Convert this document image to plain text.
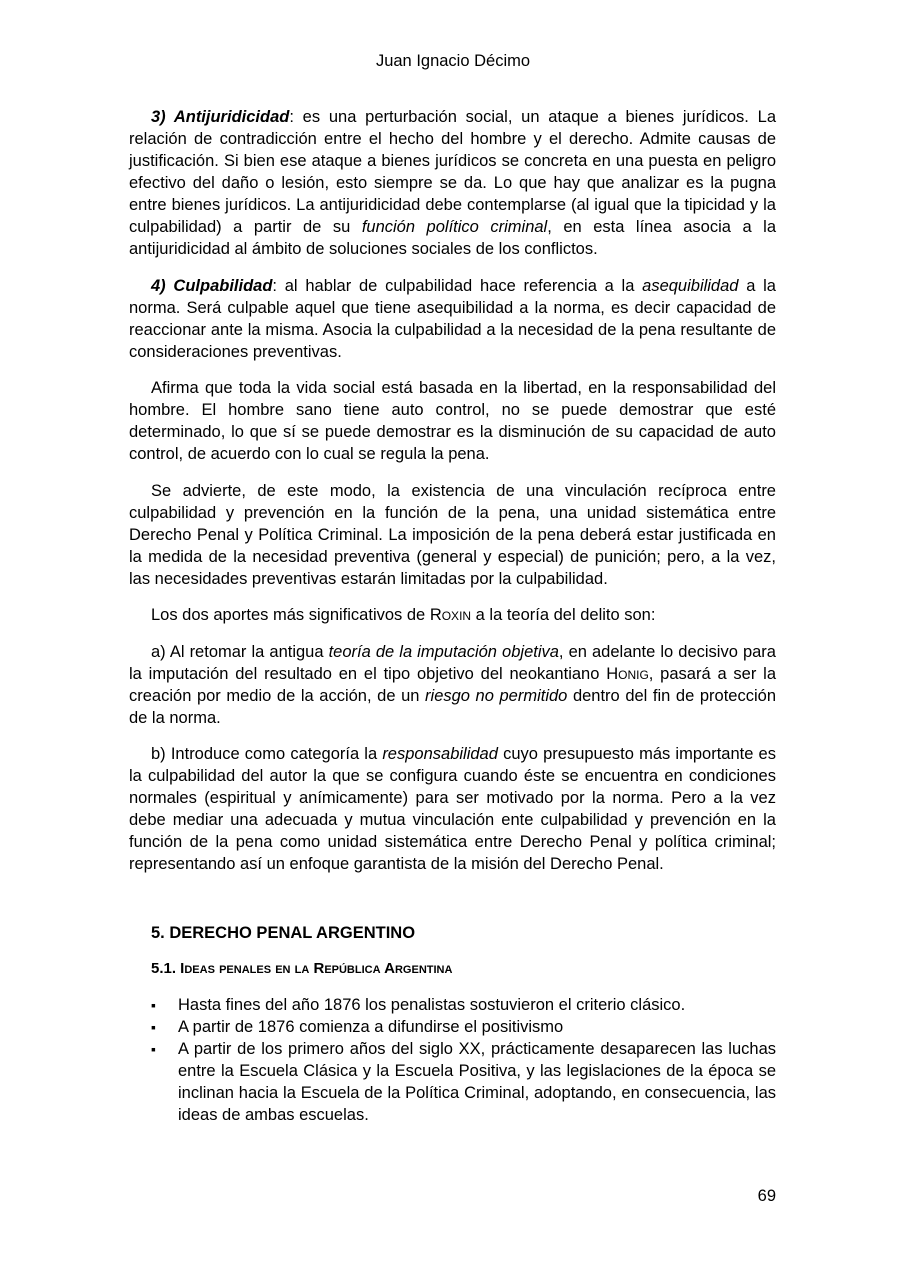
Juan Ignacio Décimo

3) Antijuridicidad: es una perturbación social, un ataque a bienes jurídicos. La relación de contradicción entre el hecho del hombre y el derecho. Admite causas de justificación. Si bien ese ataque a bienes jurídicos se concreta en una puesta en peligro efectivo del daño o lesión, esto siempre se da. Lo que hay que analizar es la pugna entre bienes jurídicos. La antijuridicidad debe contemplarse (al igual que la tipicidad y la culpabilidad) a partir de su función político criminal, en esta línea asocia a la antijuridicidad al ámbito de soluciones sociales de los conflictos.

4) Culpabilidad: al hablar de culpabilidad hace referencia a la asequibilidad a la norma. Será culpable aquel que tiene asequibilidad a la norma, es decir capacidad de reaccionar ante la misma. Asocia la culpabilidad a la necesidad de la pena resultante de consideraciones preventivas.

Afirma que toda la vida social está basada en la libertad, en la responsabilidad del hombre. El hombre sano tiene auto control, no se puede demostrar que esté determinado, lo que sí se puede demostrar es la disminución de su capacidad de auto control, de acuerdo con lo cual se regula la pena.

Se advierte, de este modo, la existencia de una vinculación recíproca entre culpabilidad y prevención en la función de la pena, una unidad sistemática entre Derecho Penal y Política Criminal. La imposición de la pena deberá estar justificada en la medida de la necesidad preventiva (general y especial) de punición; pero, a la vez, las necesidades preventivas estarán limitadas por la culpabilidad.

Los dos aportes más significativos de Roxin a la teoría del delito son:

a) Al retomar la antigua teoría de la imputación objetiva, en adelante lo decisivo para la imputación del resultado en el tipo objetivo del neokantiano Honig, pasará a ser la creación por medio de la acción, de un riesgo no permitido dentro del fin de protección de la norma.

b) Introduce como categoría la responsabilidad cuyo presupuesto más importante es la culpabilidad del autor la que se configura cuando éste se encuentra en condiciones normales (espiritual y anímicamente) para ser motivado por la norma. Pero a la vez debe mediar una adecuada y mutua vinculación ente culpabilidad y prevención en la función de la pena como unidad sistemática entre Derecho Penal y política criminal; representando así un enfoque garantista de la misión del Derecho Penal.

5. DERECHO PENAL ARGENTINO
5.1. Ideas penales en la República Argentina
▪ Hasta fines del año 1876 los penalistas sostuvieron el criterio clásico.
▪ A partir de 1876 comienza a difundirse el positivismo
▪ A partir de los primero años del siglo XX, prácticamente desaparecen las luchas entre la Escuela Clásica y la Escuela Positiva, y las legislaciones de la época se inclinan hacia la Escuela de la Política Criminal, adoptando, en consecuencia, las ideas de ambas escuelas.
69
